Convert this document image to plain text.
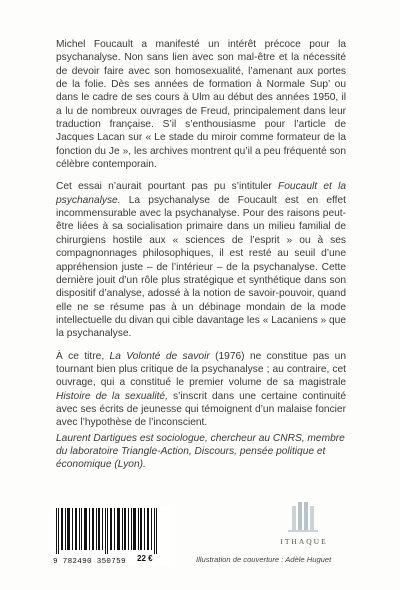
Michel Foucault a manifesté un intérêt précoce pour la psychanalyse. Non sans lien avec son mal-être et la nécessité de devoir faire avec son homosexualité, l’amenant aux portes de la folie. Dès ses années de formation à Normale Sup’ ou dans le cadre de ses cours à Ulm au début des années 1950, il a lu de nombreux ouvrages de Freud, principalement dans leur traduction française. S’il s’enthousiasme pour l’article de Jacques Lacan sur « Le stade du miroir comme formateur de la fonction du Je », les archives montrent qu’il a peu fréquenté son célèbre contemporain.

Cet essai n’aurait pourtant pas pu s’intituler Foucault et la psychanalyse. La psychanalyse de Foucault est en effet incommensurable avec la psychanalyse. Pour des raisons peut-être liées à sa socialisation primaire dans un milieu familial de chirurgiens hostile aux « sciences de l’esprit » ou à ses compagnonnages philosophiques, il est resté au seuil d’une appréhension juste – de l’intérieur – de la psychanalyse. Cette dernière jouit d’un rôle plus stratégique et synthétique dans son dispositif d’analyse, adossé à la notion de savoir-pouvoir, quand elle ne se résume pas à un débinage mondain de la mode intellectuelle du divan qui cible davantage les « Lacaniens » que la psychanalyse.

À ce titre, La Volonté de savoir (1976) ne constitue pas un tournant bien plus critique de la psychanalyse ; au contraire, cet ouvrage, qui a constitué le premier volume de sa magistrale Histoire de la sexualité, s’inscrit dans une certaine continuité avec ses écrits de jeunesse qui témoignent d’un malaise foncier avec l’hypothèse de l’inconscient.

Laurent Dartigues est sociologue, chercheur au CNRS, membre du laboratoire Triangle-Action, Discours, pensée politique et économique (Lyon).
9 782490 350759	22 €
ITHAQUE
Illustration de couverture : Adèle Huguet
